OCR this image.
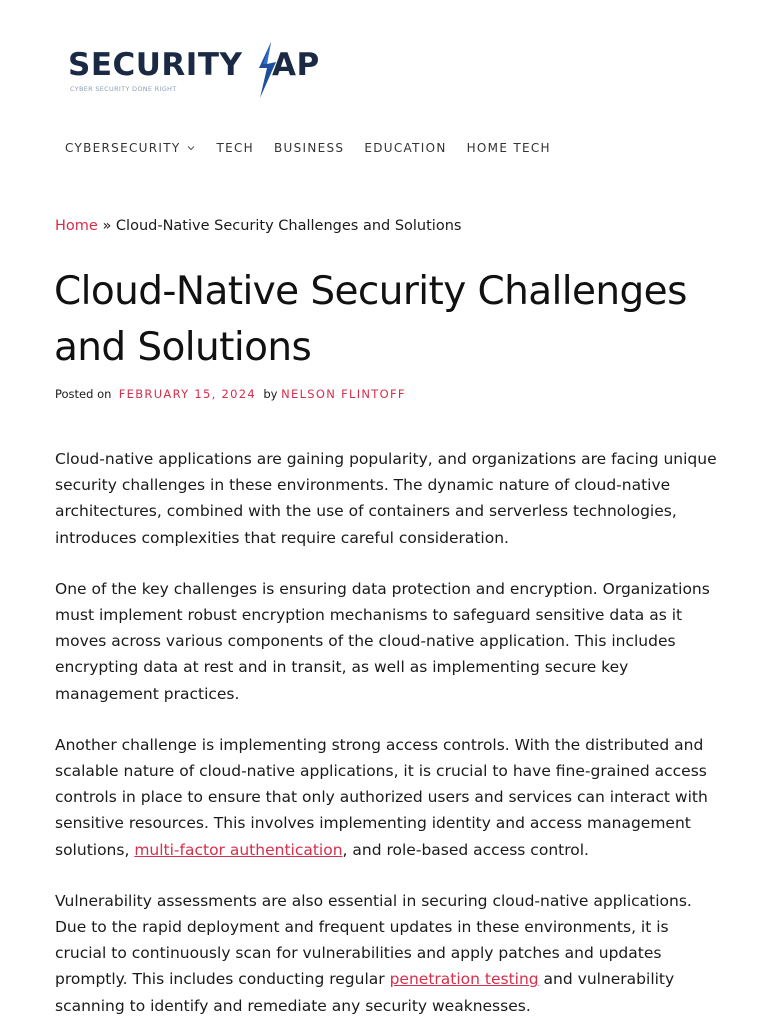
SECURITY AP
CYBER SECURITY DONE RIGHT
CYBERSECURITY	TECH BUSINESS EDUCATION HOME TECH
Home » Cloud-Native Security Challenges and Solutions
Cloud-Native Security Challenges and Solutions
Posted on FEBRUARY 15, 2024 by NELSON FLINTOFF

Cloud-native applications are gaining popularity, and organizations are facing unique security challenges in these environments. The dynamic nature of cloud-native architectures, combined with the use of containers and serverless technologies, introduces complexities that require careful consideration.

One of the key challenges is ensuring data protection and encryption. Organizations must implement robust encryption mechanisms to safeguard sensitive data as it moves across various components of the cloud-native application. This includes encrypting data at rest and in transit, as well as implementing secure key management practices.

Another challenge is implementing strong access controls. With the distributed and scalable nature of cloud-native applications, it is crucial to have fine-grained access controls in place to ensure that only authorized users and services can interact with sensitive resources. This involves implementing identity and access management solutions, multi-factor authentication, and role-based access control.

Vulnerability assessments are also essential in securing cloud-native applications. Due to the rapid deployment and frequent updates in these environments, it is crucial to continuously scan for vulnerabilities and apply patches and updates promptly. This includes conducting regular penetration testing and vulnerability scanning to identify and remediate any security weaknesses.
